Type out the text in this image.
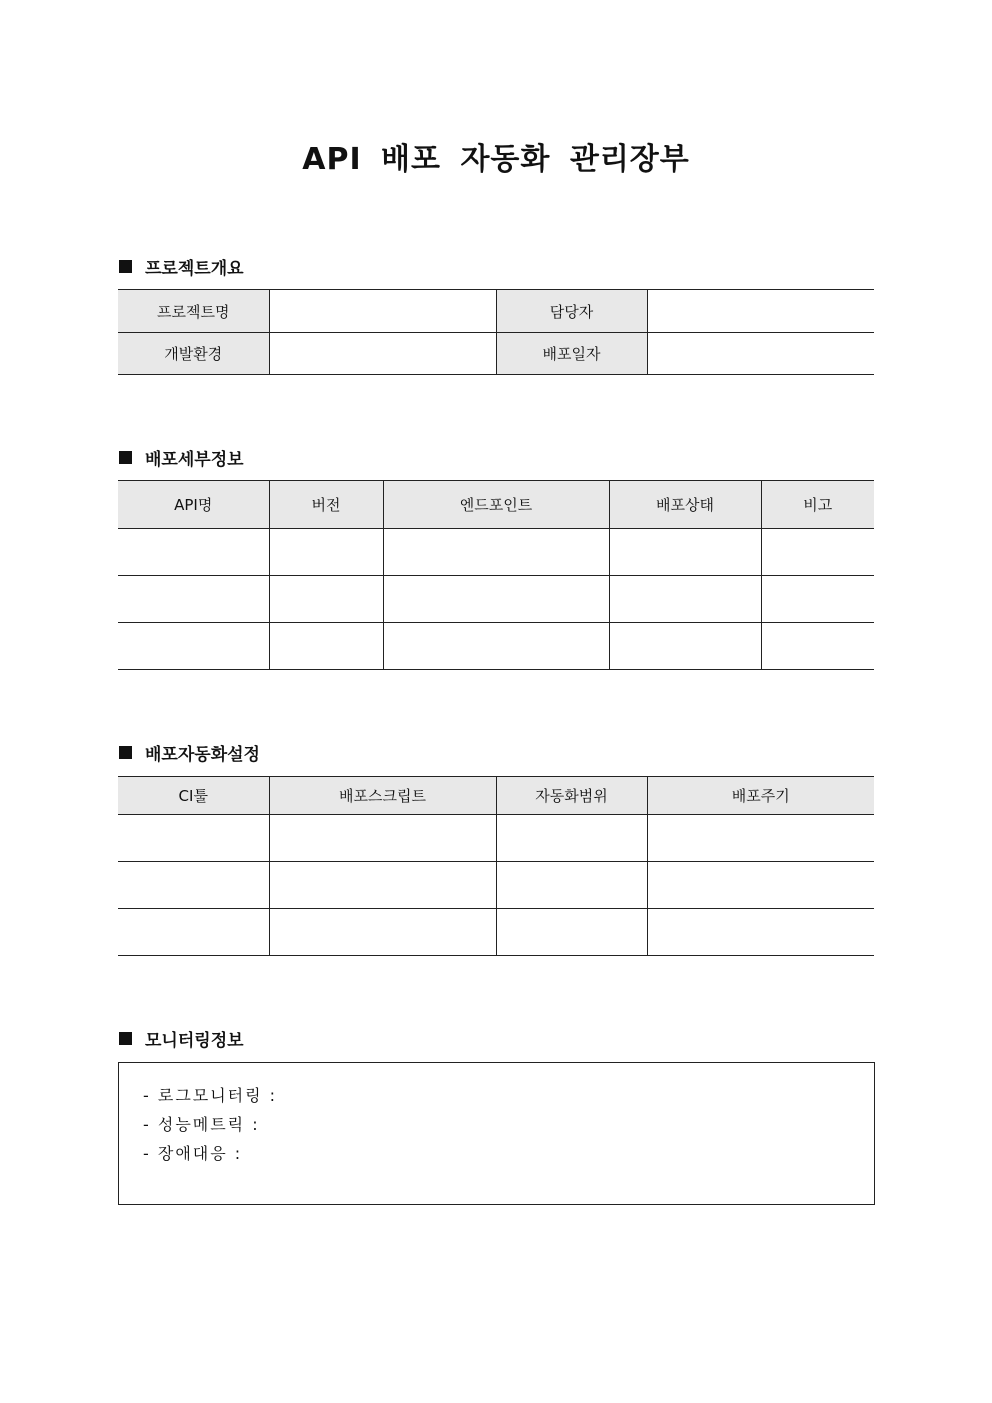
API 배포 자동화 관리장부
프로젝트개요
프로젝트명		담당자	
개발환경		배포일자	
배포세부정보
API명	버전	엔드포인트	배포상태	비고

배포자동화설정
CI툴	배포스크립트	자동화범위	배포주기

모니터링정보
- 로그모니터링 :
- 성능메트릭 :
- 장애대응 :
